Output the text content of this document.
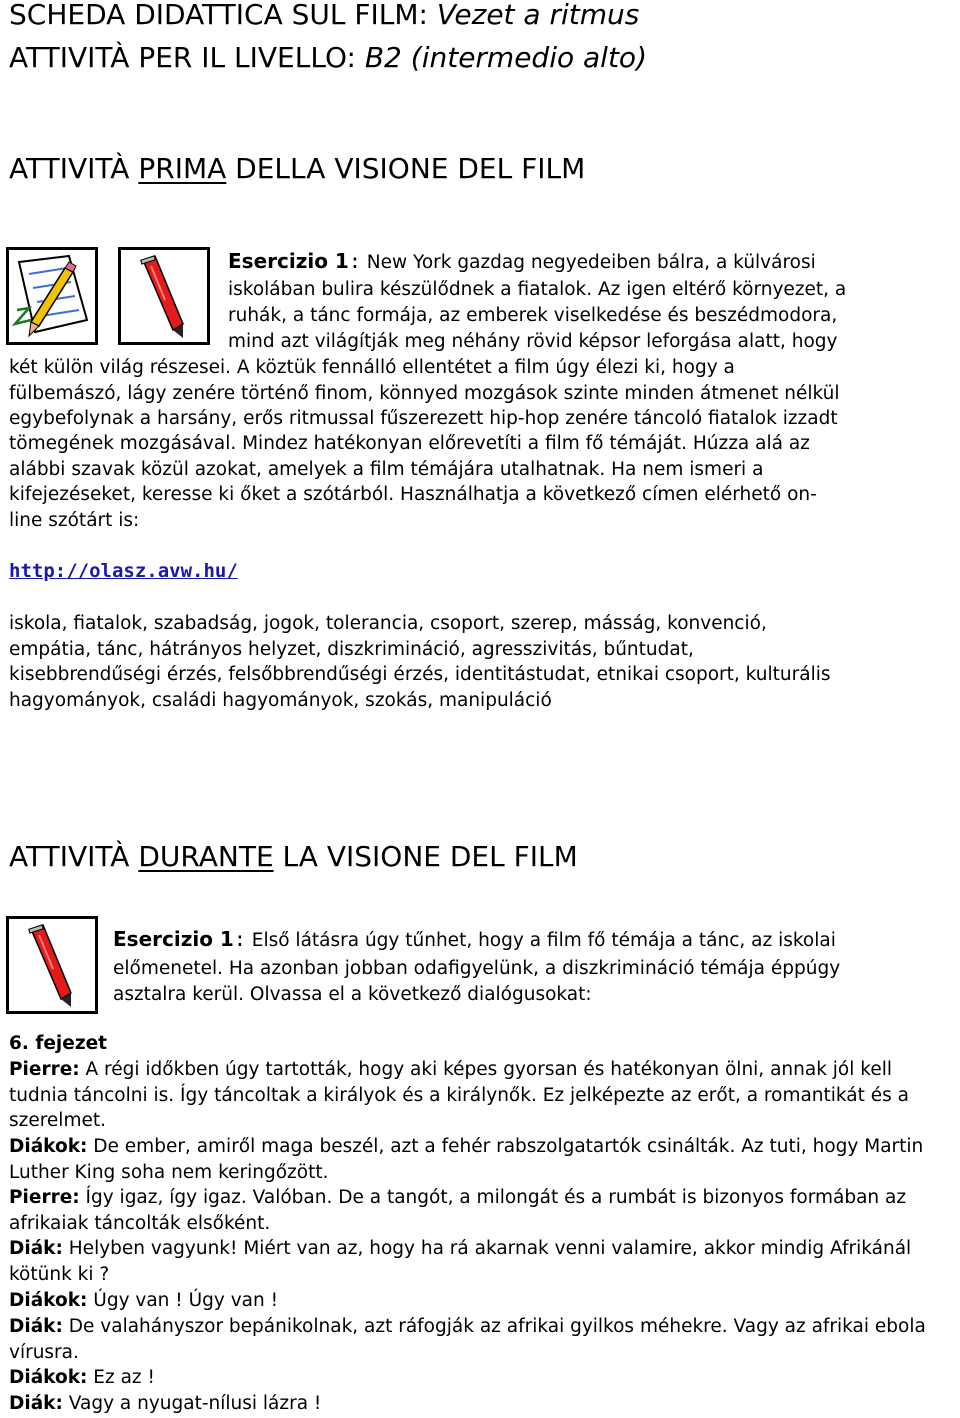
SCHEDA DIDATTICA SUL FILM: Vezet a ritmus
ATTIVITÀ PER IL LIVELLO: B2 (intermedio alto)
ATTIVITÀ PRIMA DELLA VISIONE DEL FILM
Esercizio 1: New York gazdag negyedeiben bálra, a külvárosi
iskolában bulira készülődnek a fiatalok. Az igen eltérő környezet, a
ruhák, a tánc formája, az emberek viselkedése és beszédmodora,
mind azt világítják meg néhány rövid képsor leforgása alatt, hogy
két külön világ részesei. A köztük fennálló ellentétet a film úgy élezi ki, hogy a
fülbemászó, lágy zenére történő finom, könnyed mozgások szinte minden átmenet nélkül
egybefolynak a harsány, erős ritmussal fűszerezett hip-hop zenére táncoló fiatalok izzadt
tömegének mozgásával. Mindez hatékonyan előrevetíti a film fő témáját. Húzza alá az
alábbi szavak közül azokat, amelyek a film témájára utalhatnak. Ha nem ismeri a
kifejezéseket, keresse ki őket a szótárból. Használhatja a következő címen elérhető on-
line szótárt is:
http://olasz.avw.hu/
iskola, fiatalok, szabadság, jogok, tolerancia, csoport, szerep, másság, konvenció,
empátia, tánc, hátrányos helyzet, diszkrimináció, agresszivitás, bűntudat,
kisebbrendűségi érzés, felsőbbrendűségi érzés, identitástudat, etnikai csoport, kulturális
hagyományok, családi hagyományok, szokás, manipuláció
ATTIVITÀ DURANTE LA VISIONE DEL FILM
Esercizio 1: Első látásra úgy tűnhet, hogy a film fő témája a tánc, az iskolai
előmenetel. Ha azonban jobban odafigyelünk, a diszkrimináció témája éppúgy
asztalra kerül. Olvassa el a következő dialógusokat:
6. fejezet
Pierre: A régi időkben úgy tartották, hogy aki képes gyorsan és hatékonyan ölni, annak jól kell tudnia táncolni is. Így táncoltak a királyok és a királynők. Ez jelképezte az erőt, a romantikát és a szerelmet.
Diákok: De ember, amiről maga beszél, azt a fehér rabszolgatartók csinálták. Az tuti, hogy Martin Luther King soha nem keringőzött.
Pierre: Így igaz, így igaz. Valóban. De a tangót, a milongát és a rumbát is bizonyos formában az afrikaiak táncolták elsőként.
Diák: Helyben vagyunk! Miért van az, hogy ha rá akarnak venni valamire, akkor mindig Afrikánál kötünk ki ?
Diákok: Úgy van ! Úgy van !
Diák: De valahányszor bepánikolnak, azt ráfogják az afrikai gyilkos méhekre. Vagy az afrikai ebola vírusra.
Diákok: Ez az !
Diák: Vagy a nyugat-nílusi lázra !
